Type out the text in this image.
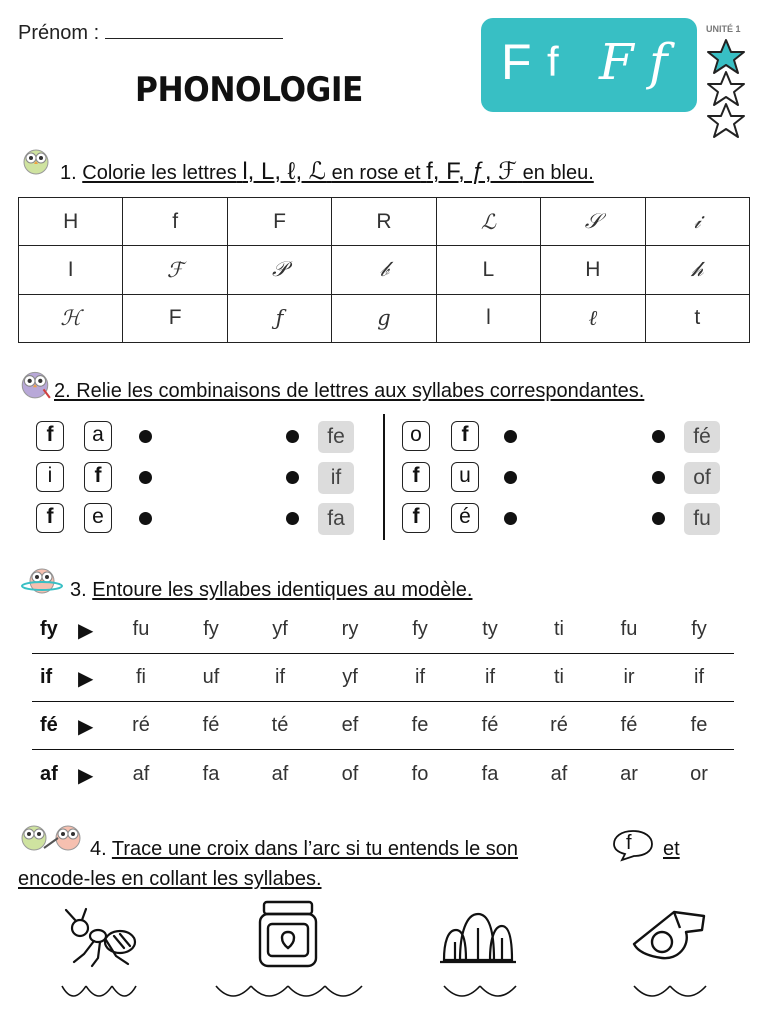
Prénom :
PHONOLOGIE	F f F f
UNITÉ 1
1. Colorie les lettres l, L, ℓ, ℒ en rose et f, F, ƒ, ℱ en bleu.
H	f	F	R	ℒ	𝒮	𝒾
I	ℱ	𝒫	𝒷	L	H	𝒽
ℋ	F	ƒ	𝑔	l	ℓ	t
2. Relie les combinaisons de lettres aux syllabes correspondantes.
f	a	fe
i	f	if
f	e	fa
o	f	fé
f	u	of
f	é	fu
3. Entoure les syllabes identiques au modèle.
fy ▶	fu	fy	yf	ry	fy	ty	ti	fu	fy
if ▶	fi	uf	if	yf	if	if	ti	ir	if
fé ▶	ré	fé	té	ef	fe	fé	ré	fé	fe
af ▶	af	fa	af	of	fo	fa	af	ar	or
4. Trace une croix dans l’arc si tu entends le son	f et
encode-les en collant les syllabes.
